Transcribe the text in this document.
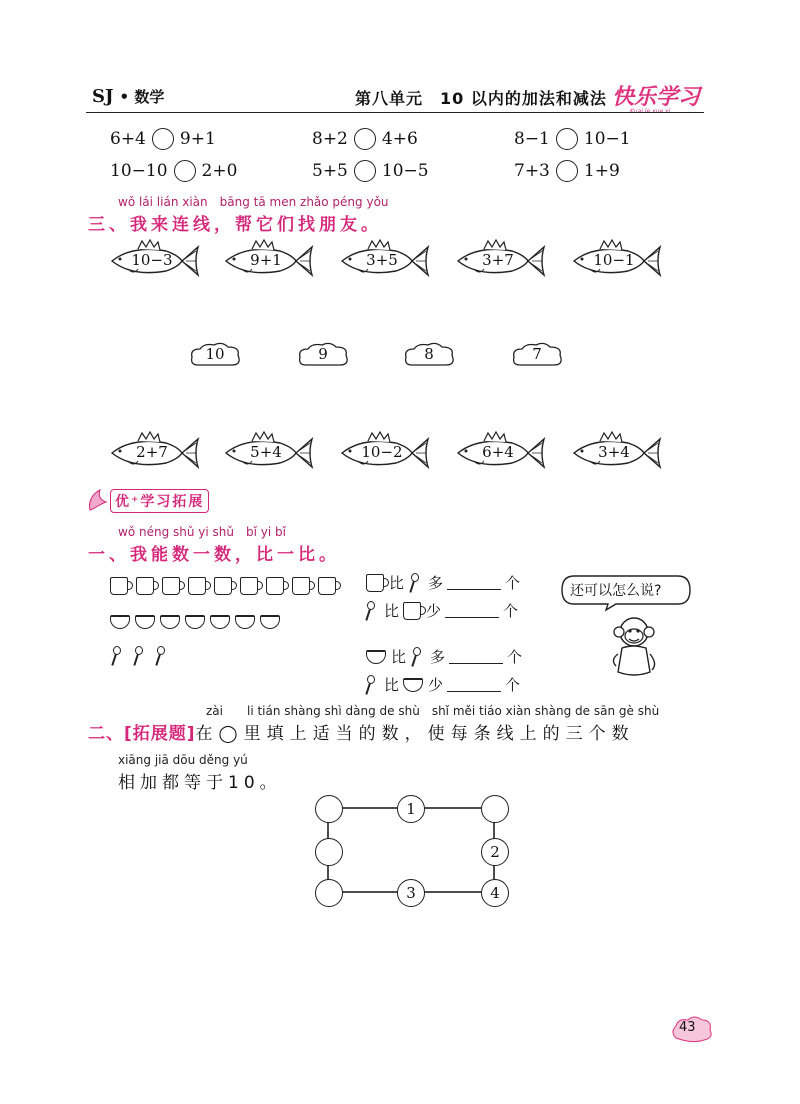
SJ • 数学	第八单元　10 以内的加法和减法 快乐学习
6+4 9+1	8+2 4+6	8−1 10−1
10−10 2+0	5+5 10−5	7+3 1+9
wǒ lái lián xiàn　bāng tā men zhǎo péng yǒu
三、我来连线，帮它们找朋友。
10−3	9+1	3+5	3+7	10−1
10	9	8	7
2+7	5+4	10−2	6+4	3+4
优⁺学习拓展
wǒ néng shǔ yi shǔ　bǐ yi bǐ
一、我能数一数，比一比。
比 多	个
比 少	个
比 多	个
比 少	个
还可以怎么说?
zài　　li tián shàng shì dàng de shù　shǐ měi tiáo xiàn shàng de sān gè shù
二、[拓展题] 在◯里填上适当的数，使每条线上的三个数
xiāng jiā dōu děng yú
相加都等于10。
1
2
3	4
43
